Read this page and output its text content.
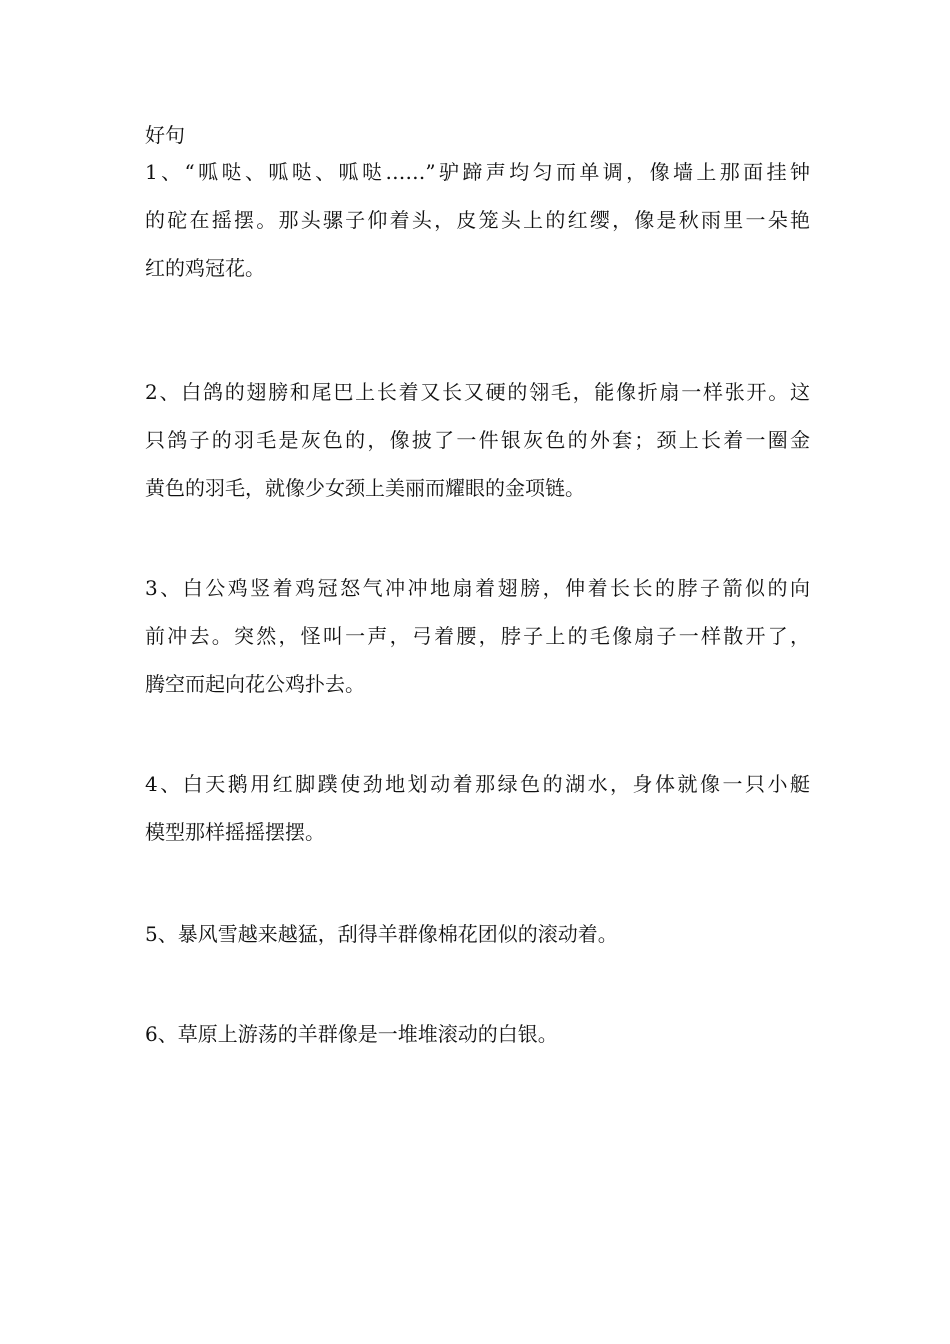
好句

1、“呱哒、呱哒、呱哒……”驴蹄声均匀而单调，像墙上那面挂钟
的砣在摇摆。那头骡子仰着头，皮笼头上的红缨，像是秋雨里一朵艳
红的鸡冠花。

2、白鸽的翅膀和尾巴上长着又长又硬的翎毛，能像折扇一样张开。这
只鸽子的羽毛是灰色的，像披了一件银灰色的外套；颈上长着一圈金
黄色的羽毛，就像少女颈上美丽而耀眼的金项链。

3、白公鸡竖着鸡冠怒气冲冲地扇着翅膀，伸着长长的脖子箭似的向
前冲去。突然，怪叫一声，弓着腰，脖子上的毛像扇子一样散开了，
腾空而起向花公鸡扑去。

4、白天鹅用红脚蹼使劲地划动着那绿色的湖水，身体就像一只小艇
模型那样摇摇摆摆。

5、暴风雪越来越猛，刮得羊群像棉花团似的滚动着。

6、草原上游荡的羊群像是一堆堆滚动的白银。
